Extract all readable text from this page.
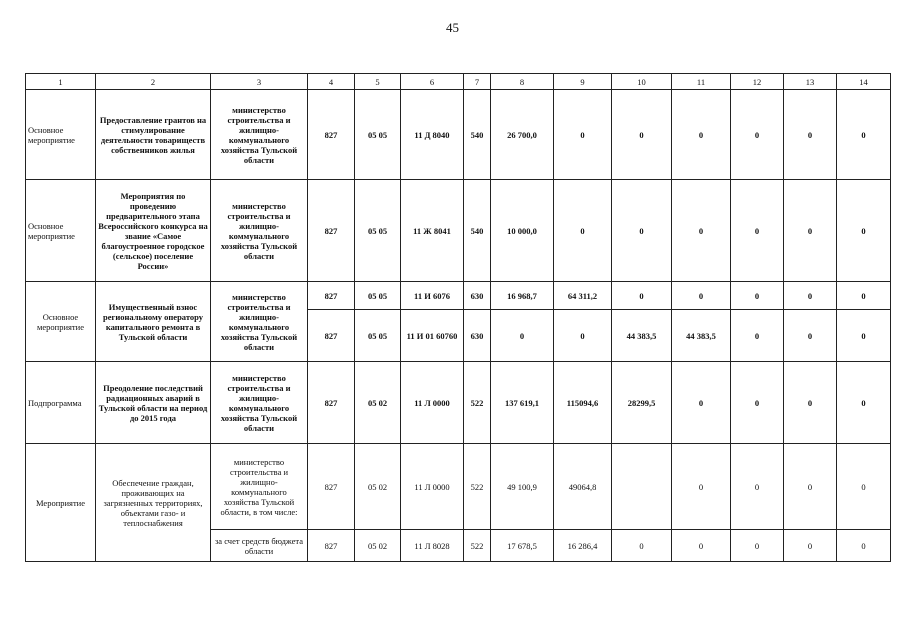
45
1	2	3	4	5	6	7	8	9	10	11	12	13	14
Основное мероприятие	Предоставление грантов на стимулирование деятельности товариществ собственников жилья	министерство строительства и жилищно-коммунального хозяйства Тульской области	827	05 05	11 Д 8040	540	26 700,0	0	0	0	0	0	0
Основное мероприятие	Мероприятия по проведению предварительного этапа Всероссийского конкурса на звание «Самое благоустроенное городское (сельское) поселение России»	министерство строительства и жилищно-коммунального хозяйства Тульской области	827	05 05	11 Ж 8041	540	10 000,0	0	0	0	0	0	0
Основное мероприятие	Имущественный взнос региональному оператору капитального ремонта в Тульской области	министерство строительства и жилищно-коммунального хозяйства Тульской области	827	05 05	11 И 6076	630	16 968,7	64 311,2	0	0	0	0	0
			827	05 05	11 И 01 60760	630	0	0	44 383,5	44 383,5	0	0	0
Подпрограмма	Преодоление последствий радиационных аварий в Тульской области на период до 2015 года	министерство строительства и жилищно-коммунального хозяйства Тульской области	827	05 02	11 Л 0000	522	137 619,1	115094,6	28299,5	0	0	0	0
Мероприятие	Обеспечение граждан, проживающих на загрязненных территориях, объектами газо- и теплоснабжения	министерство строительства и жилищно-коммунального хозяйства Тульской области, в том числе:	827	05 02	11 Л 0000	522	49 100,9	49064,8		0	0	0	0
		за счет средств бюджета области	827	05 02	11 Л 8028	522	17 678,5	16 286,4	0	0	0	0	0
